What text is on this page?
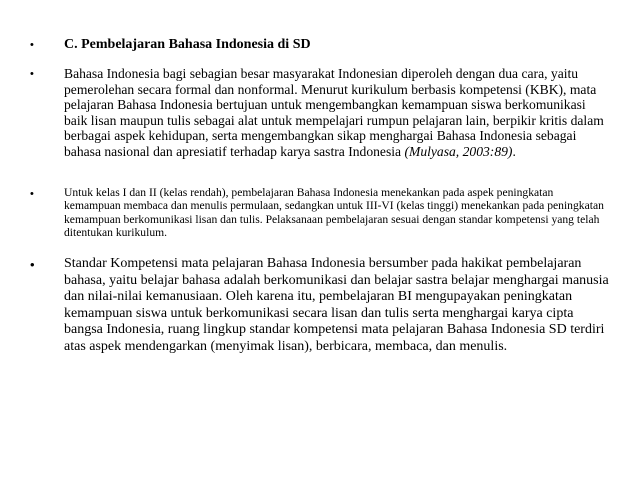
•	C. Pembelajaran Bahasa Indonesia di SD
•	Bahasa Indonesia bagi sebagian besar masyarakat Indonesian diperoleh dengan dua cara, yaitu pemerolehan secara formal dan nonformal. Menurut kurikulum berbasis kompetensi (KBK), mata pelajaran Bahasa Indonesia bertujuan untuk mengembangkan kemampuan siswa berkomunikasi baik lisan maupun tulis sebagai alat untuk mempelajari rumpun pelajaran lain, berpikir kritis dalam berbagai aspek kehidupan, serta mengembangkan sikap menghargai Bahasa Indonesia sebagai bahasa nasional dan apresiatif terhadap karya sastra Indonesia (Mulyasa, 2003:89).
•	Untuk kelas I dan II (kelas rendah), pembelajaran Bahasa Indonesia menekankan pada aspek peningkatan kemampuan membaca dan menulis permulaan, sedangkan untuk III-VI (kelas tinggi) menekankan pada peningkatan kemampuan berkomunikasi lisan dan tulis. Pelaksanaan pembelajaran sesuai dengan standar kompetensi yang telah ditentukan kurikulum.
•	Standar Kompetensi mata pelajaran Bahasa Indonesia bersumber pada hakikat pembelajaran bahasa, yaitu belajar bahasa adalah berkomunikasi dan belajar sastra belajar menghargai manusia dan nilai-nilai kemanusiaan. Oleh karena itu, pembelajaran BI mengupayakan peningkatan kemampuan siswa untuk berkomunikasi secara lisan dan tulis serta menghargai karya cipta bangsa Indonesia, ruang lingkup standar kompetensi mata pelajaran Bahasa Indonesia SD terdiri atas aspek mendengarkan (menyimak lisan), berbicara, membaca, dan menulis.
